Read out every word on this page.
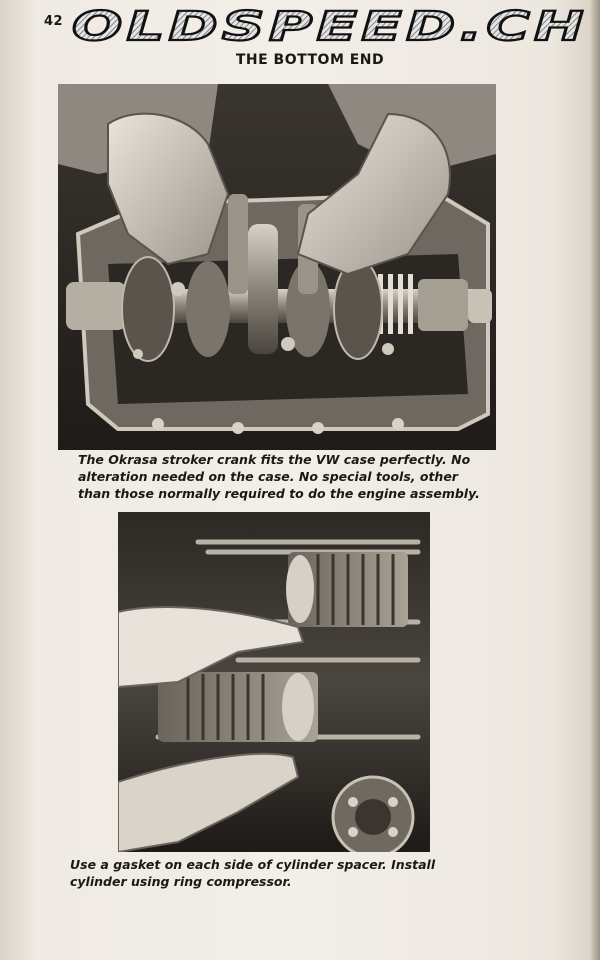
42 OLDSPEED.CH
THE BOTTOM END
The Okrasa stroker crank fits the VW case perfectly. No alteration needed on the case. No special tools, other than those normally required to do the engine assembly.
Use a gasket on each side of cylinder spacer. Install cylinder using ring compressor.
